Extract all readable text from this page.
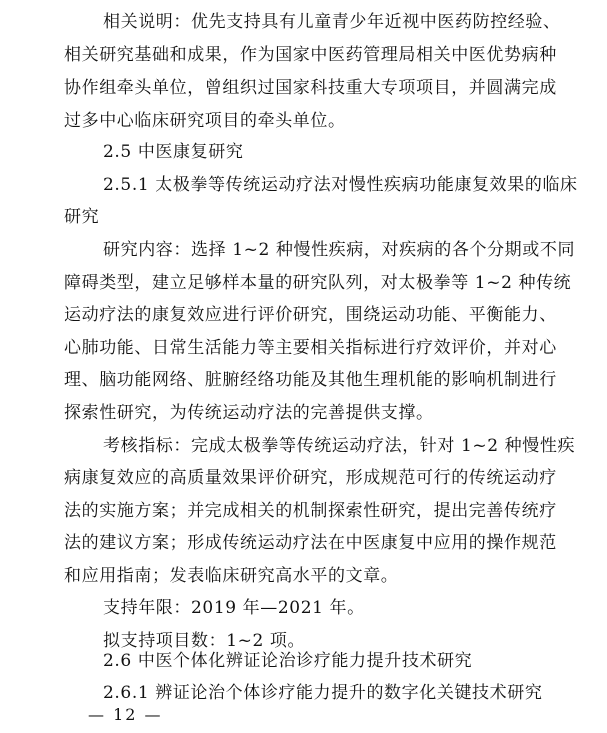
相关说明：优先支持具有儿童青少年近视中医药防控经验、
相关研究基础和成果，作为国家中医药管理局相关中医优势病种
协作组牵头单位，曾组织过国家科技重大专项项目，并圆满完成
过多中心临床研究项目的牵头单位。
2.5 中医康复研究
2.5.1 太极拳等传统运动疗法对慢性疾病功能康复效果的临床
研究
研究内容：选择 1~2 种慢性疾病，对疾病的各个分期或不同
障碍类型，建立足够样本量的研究队列，对太极拳等 1~2 种传统
运动疗法的康复效应进行评价研究，围绕运动功能、平衡能力、
心肺功能、日常生活能力等主要相关指标进行疗效评价，并对心
理、脑功能网络、脏腑经络功能及其他生理机能的影响机制进行
探索性研究，为传统运动疗法的完善提供支撑。
考核指标：完成太极拳等传统运动疗法，针对 1~2 种慢性疾
病康复效应的高质量效果评价研究，形成规范可行的传统运动疗
法的实施方案；并完成相关的机制探索性研究，提出完善传统疗
法的建议方案；形成传统运动疗法在中医康复中应用的操作规范
和应用指南；发表临床研究高水平的文章。
支持年限：2019 年—2021 年。
拟支持项目数：1~2 项。
2.6 中医个体化辨证论治诊疗能力提升技术研究
2.6.1 辨证论治个体诊疗能力提升的数字化关键技术研究
— 12 —
